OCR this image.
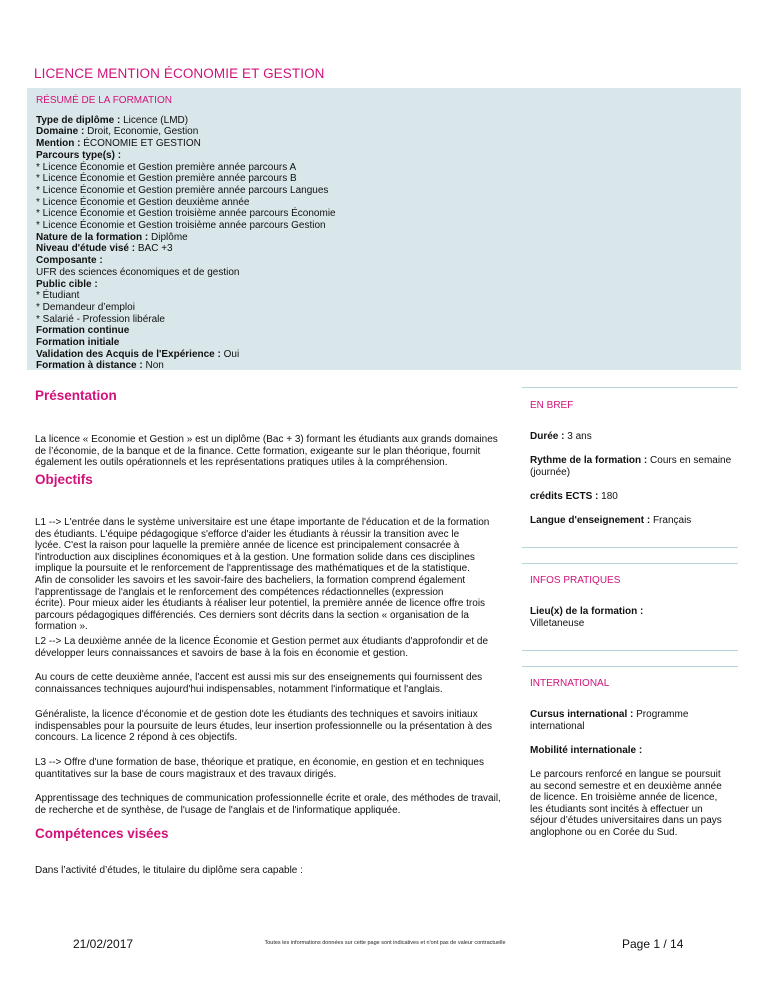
LICENCE MENTION ÉCONOMIE ET GESTION
RÉSUMÉ DE LA FORMATION
Type de diplôme : Licence (LMD)
Domaine : Droit, Economie, Gestion
Mention : ÉCONOMIE ET GESTION
Parcours type(s) :
* Licence Économie et Gestion première année parcours A
* Licence Économie et Gestion première année parcours B
* Licence Économie et Gestion première année parcours Langues
* Licence Économie et Gestion deuxième année
* Licence Économie et Gestion troisième année parcours Économie
* Licence Économie et Gestion troisième année parcours Gestion
Nature de la formation : Diplôme
Niveau d'étude visé : BAC +3
Composante :
UFR des sciences économiques et de gestion
Public cible :
* Étudiant
* Demandeur d’emploi
* Salarié - Profession libérale
Formation continue
Formation initiale
Validation des Acquis de l'Expérience : Oui
Formation à distance : Non
Présentation

La licence « Economie et Gestion » est un diplôme (Bac + 3) formant les étudiants aux grands domaines de l’économie, de la banque et de la finance. Cette formation, exigeante sur le plan théorique, fournit également les outils opérationnels et les représentations pratiques utiles à la compréhension.

Objectifs
L1 --> L'entrée dans le système universitaire est une étape importante de l'éducation et de la formation
des étudiants. L'équipe pédagogique s'efforce d'aider les étudiants à réussir la transition avec le
lycée. C'est la raison pour laquelle la première année de licence est principalement consacrée à
l'introduction aux disciplines économiques et à la gestion. Une formation solide dans ces disciplines
implique la poursuite et le renforcement de l'apprentissage des mathématiques et de la statistique.
Afin de consolider les savoirs et les savoir-faire des bacheliers, la formation comprend également
l'apprentissage de l'anglais et le renforcement des compétences rédactionnelles (expression
écrite). Pour mieux aider les étudiants à réaliser leur potentiel, la première année de licence offre trois
parcours pédagogiques différenciés. Ces derniers sont décrits dans la section « organisation de la
formation ».

L2 --> La deuxième année de la licence Économie et Gestion permet aux étudiants d'approfondir et de développer leurs connaissances et savoirs de base à la fois en économie et gestion.

Au cours de cette deuxième année, l'accent est aussi mis sur des enseignements qui fournissent des connaissances techniques aujourd'hui indispensables, notamment l'informatique et l'anglais.

Généraliste, la licence d'économie et de gestion dote les étudiants des techniques et savoirs initiaux indispensables pour la poursuite de leurs études, leur insertion professionnelle ou la présentation à des concours. La licence 2 répond à ces objectifs.

L3 --> Offre d'une formation de base, théorique et pratique, en économie, en gestion et en techniques quantitatives sur la base de cours magistraux et des travaux dirigés.

Apprentissage des techniques de communication professionnelle écrite et orale, des méthodes de travail, de recherche et de synthèse, de l'usage de l'anglais et de l'informatique appliquée.

Compétences visées

Dans l’activité d’études, le titulaire du diplôme sera capable :

EN BREF

Durée : 3 ans

Rythme de la formation : Cours en semaine (journée)

crédits ECTS : 180

Langue d'enseignement : Français

INFOS PRATIQUES

Lieu(x) de la formation :

Villetaneuse

INTERNATIONAL

Cursus international : Programme international

Mobilité internationale :

Le parcours renforcé en langue se poursuit au second semestre et en deuxième année de licence. En troisième année de licence, les étudiants sont incités à effectuer un séjour d’études universitaires dans un pays anglophone ou en Corée du Sud.

21/02/2017	Toutes les informations données sur cette page sont indicatives et n'ont pas de valeur contractuelle	Page 1 / 14
